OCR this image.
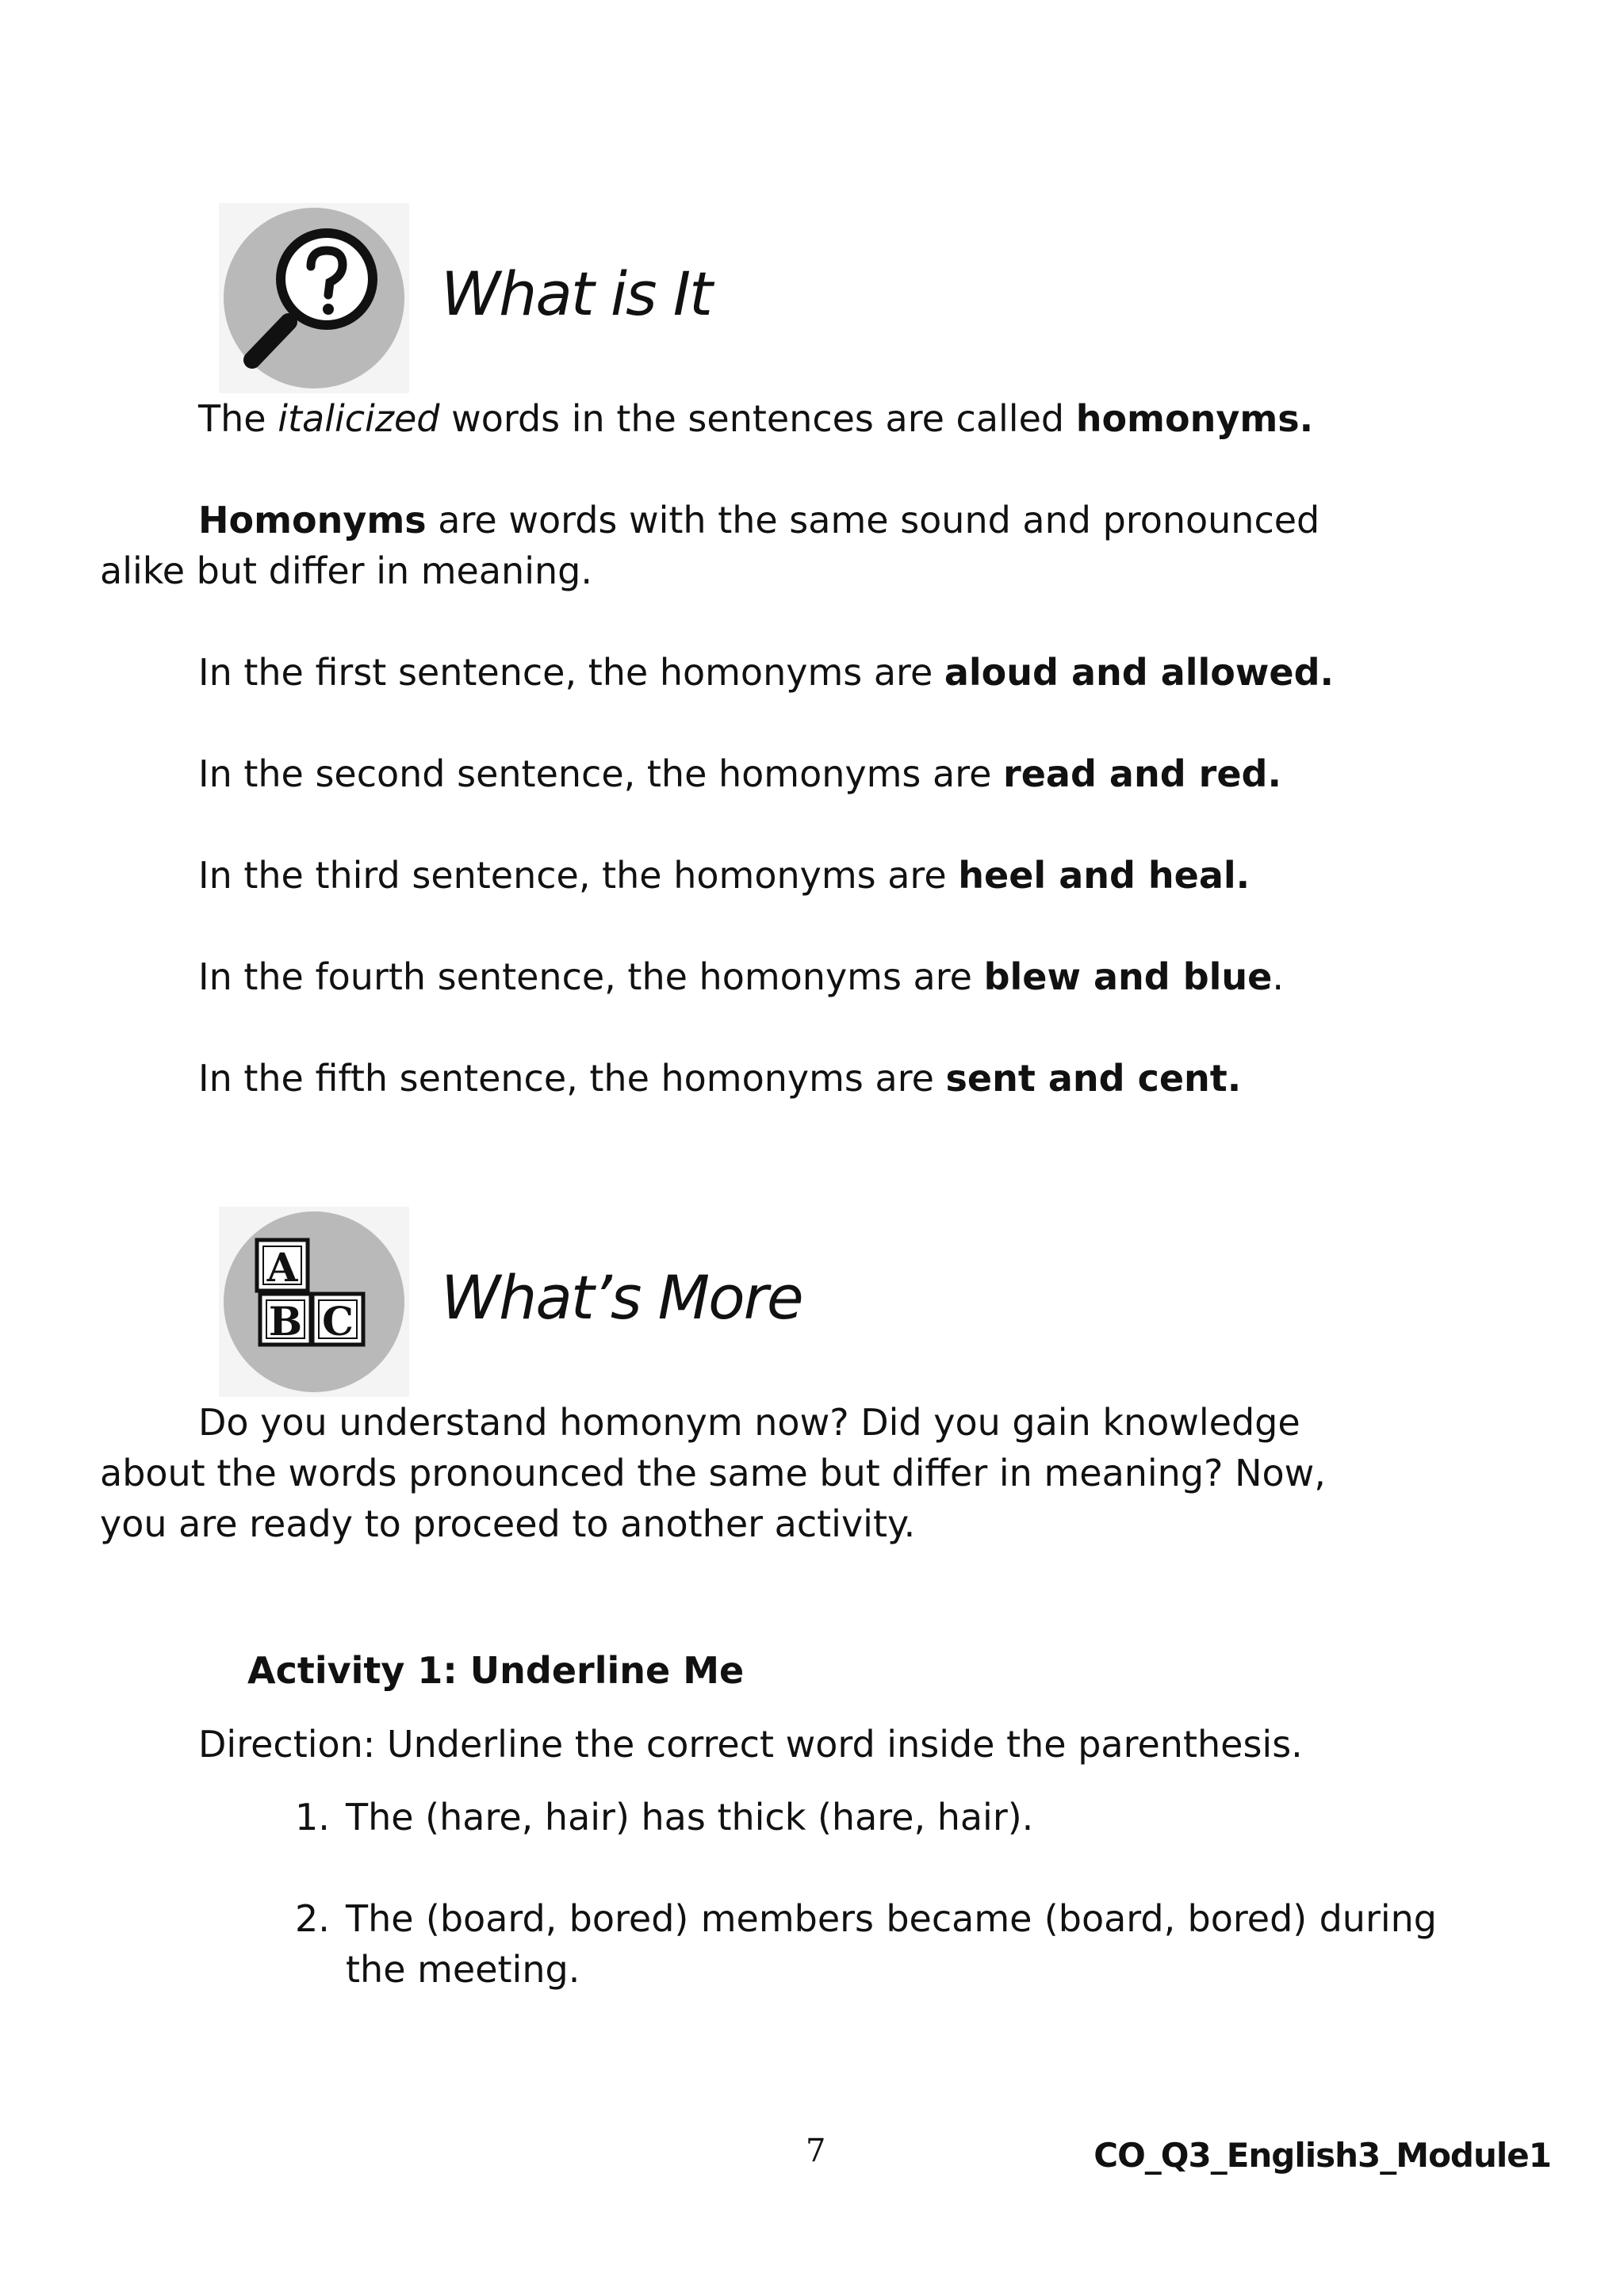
What is It

The italicized words in the sentences are called homonyms.

Homonyms are words with the same sound and pronounced alike but differ in meaning.

In the first sentence, the homonyms are aloud and allowed.

In the second sentence, the homonyms are read and red.

In the third sentence, the homonyms are heel and heal.

In the fourth sentence, the homonyms are blew and blue.

In the fifth sentence, the homonyms are sent and cent.

A
B C What’s More

Do you understand homonym now? Did you gain knowledge about the words pronounced the same but differ in meaning? Now, you are ready to proceed to another activity.

Activity 1: Underline Me

Direction: Underline the correct word inside the parenthesis.

1. The (hare, hair) has thick (hare, hair).
2. The (board, bored) members became (board, bored) during the meeting.

7	CO_Q3_English3_Module1
